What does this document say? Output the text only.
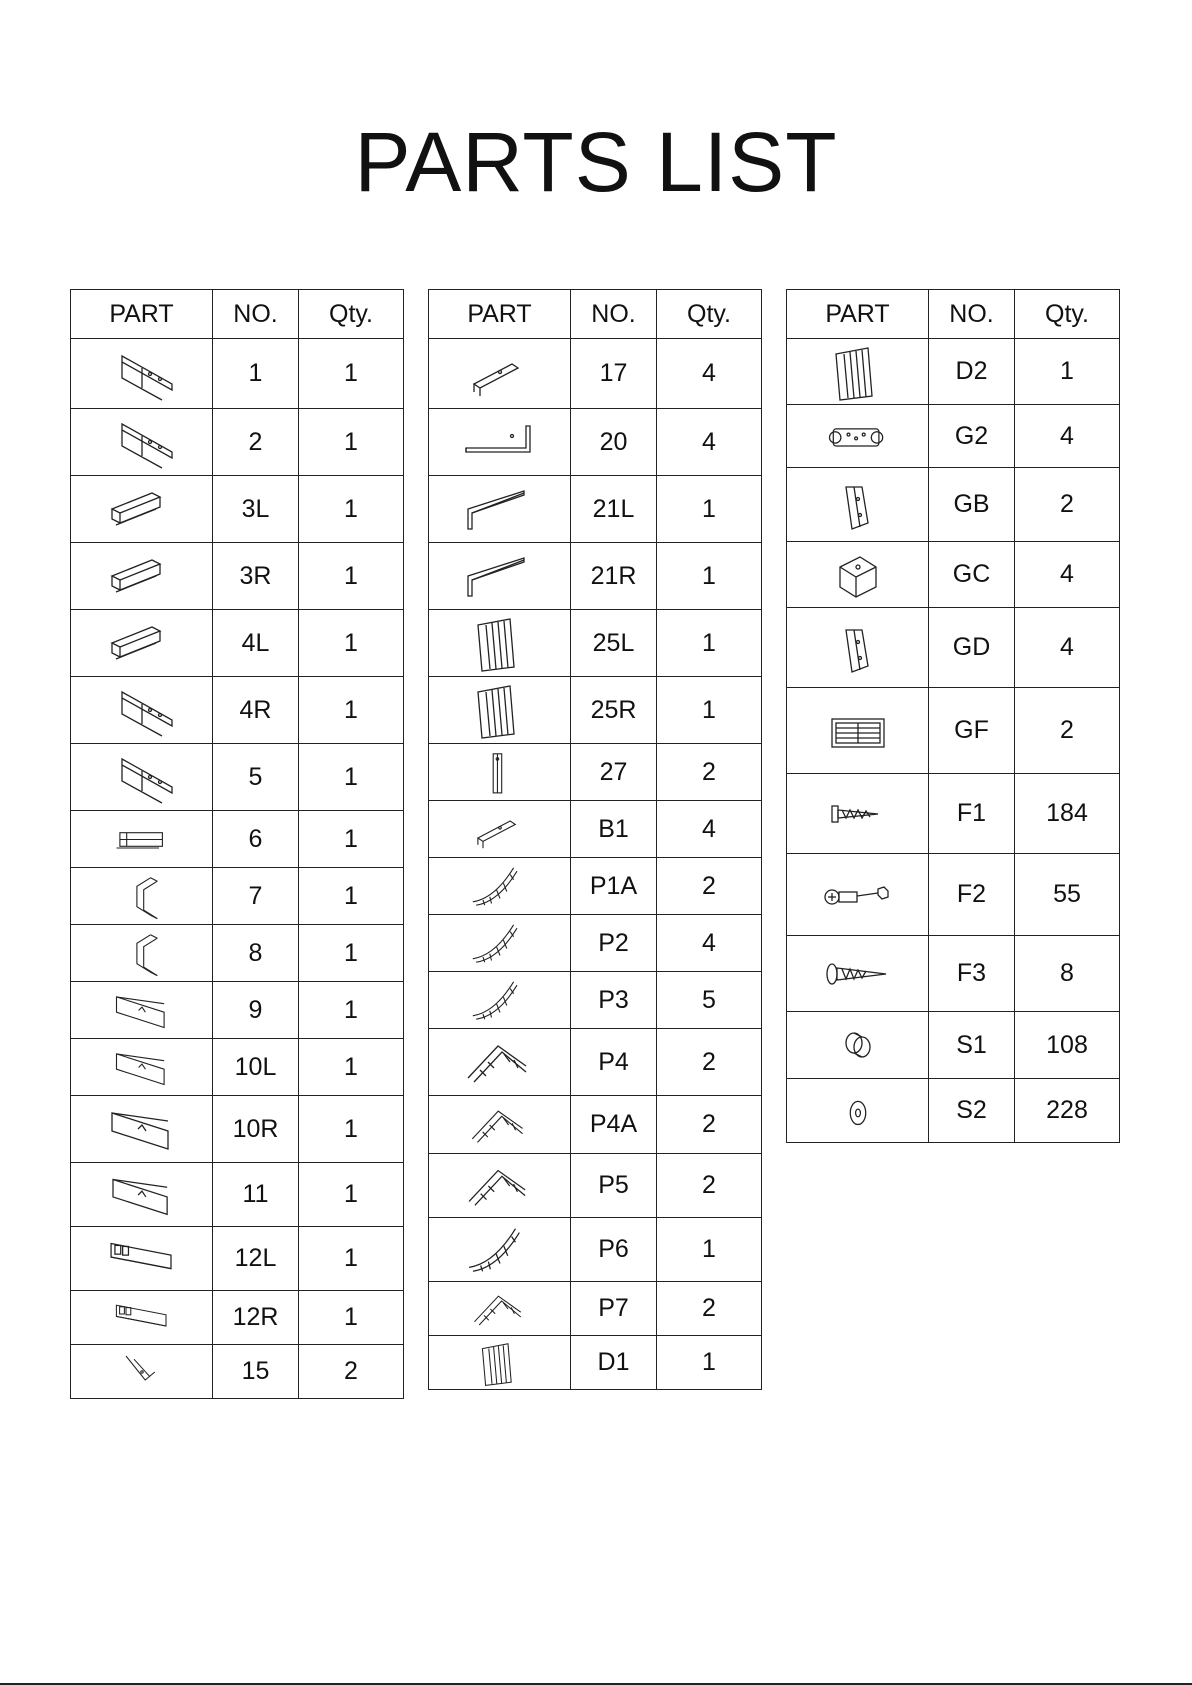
PARTS LIST
PART	NO.	Qty.

	1	1

	2	1

	3L	1

	3R	1

	4L	1

	4R	1

	5	1

	6	1

	7	1

	8	1

	9	1

	10L	1

	10R	1

	11	1

	12L	1

	12R	1

	15	2
PART	NO.	Qty.

	17	4

	20	4

	21L	1

	21R	1

	25L	1

	25R	1

	27	2

	B1	4

	P1A	2

	P2	4

	P3	5

	P4	2

	P4A	2

	P5	2

	P6	1

	P7	2

	D1	1
PART	NO.	Qty.

	D2	1

	G2	4

	GB	2

	GC	4

	GD	4

	GF	2

	F1	184

	F2	55

	F3	8

	S1	108

	S2	228
